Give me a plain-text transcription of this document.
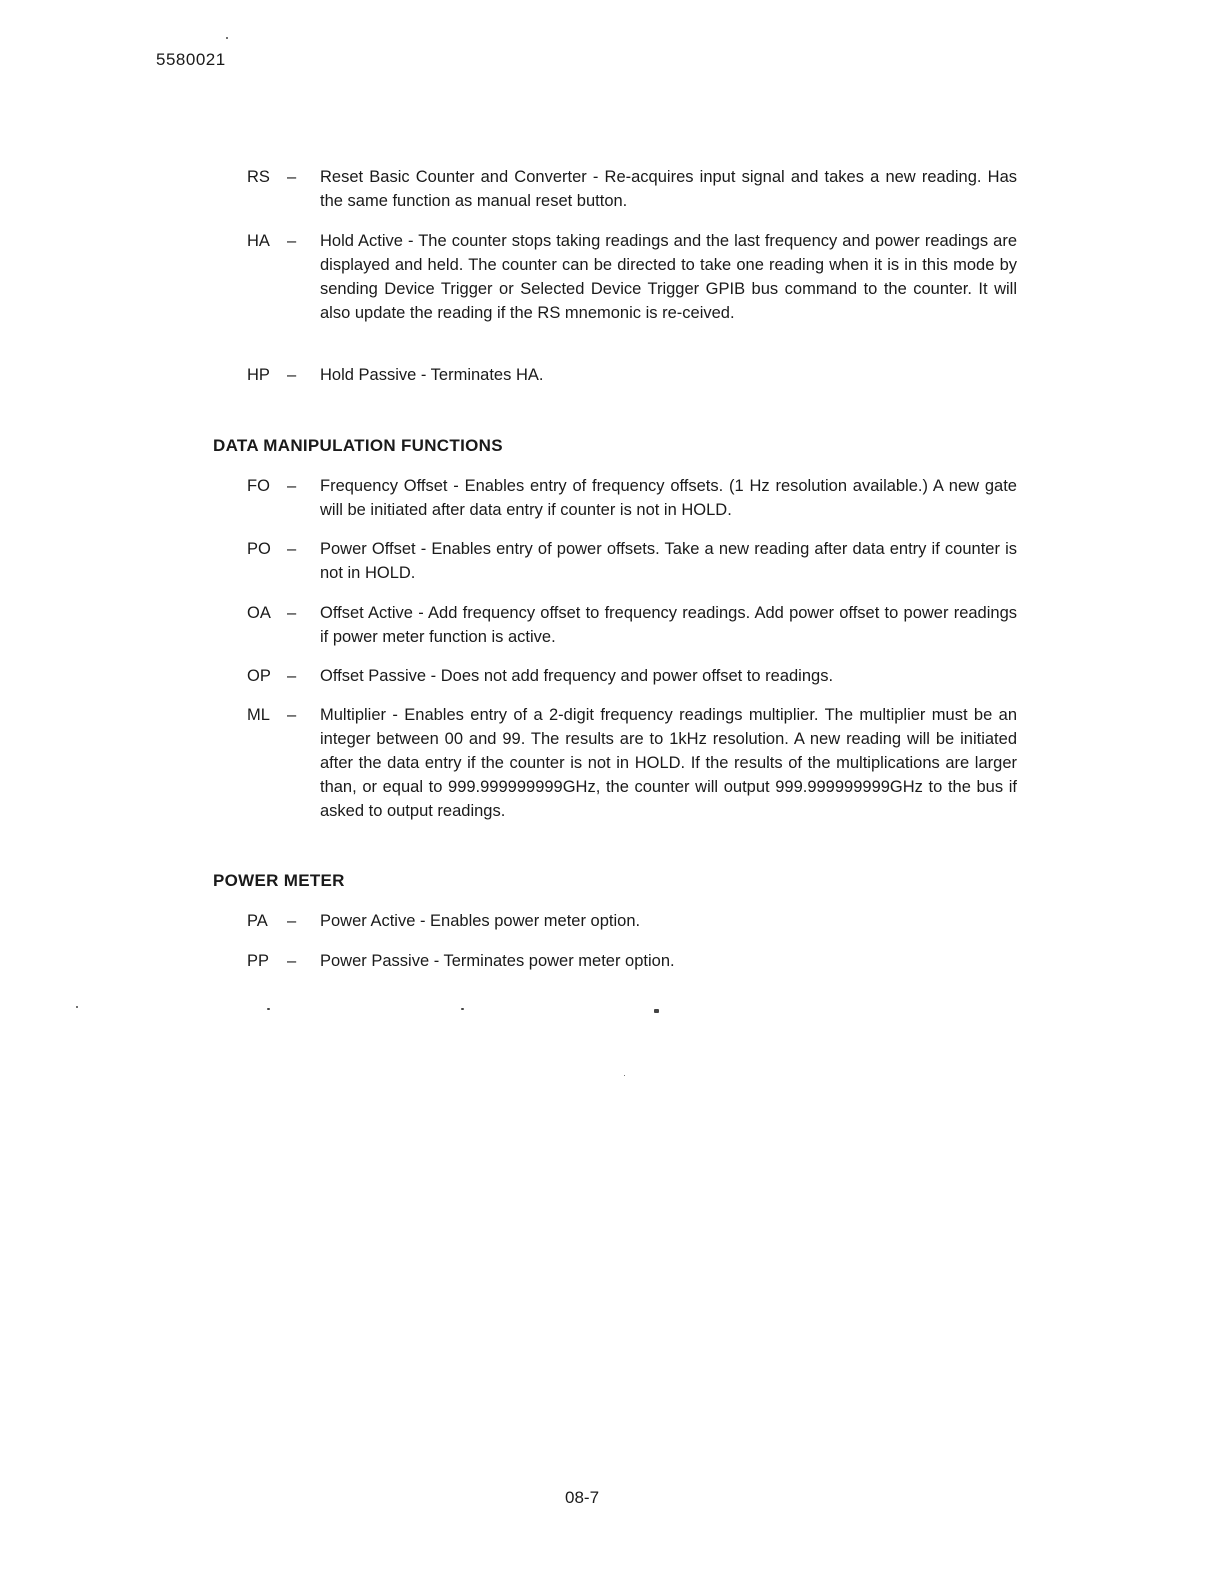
5580021
RS	–	Reset Basic Counter and Converter - Re-acquires input signal and takes a new reading. Has the same function as manual reset button.
HA	–	Hold Active - The counter stops taking readings and the last frequency and power readings are displayed and held. The counter can be directed to take one reading when it is in this mode by sending Device Trigger or Selected Device Trigger GPIB bus command to the counter. It will also update the reading if the RS mnemonic is re-ceived.
HP	–	Hold Passive - Terminates HA.
DATA MANIPULATION FUNCTIONS
FO	–	Frequency Offset - Enables entry of frequency offsets. (1 Hz resolution available.) A new gate will be initiated after data entry if counter is not in HOLD.
PO –	Power Offset - Enables entry of power offsets. Take a new reading after data entry if counter is not in HOLD.
OA –	Offset Active - Add frequency offset to frequency readings. Add power offset to power readings if power meter function is active.
OP –	Offset Passive - Does not add frequency and power offset to readings.
ML	–	Multiplier - Enables entry of a 2-digit frequency readings multiplier. The multiplier must be an integer between 00 and 99. The results are to 1kHz resolution. A new reading will be initiated after the data entry if the counter is not in HOLD. If the results of the multiplications are larger than, or equal to 999.999999999GHz, the counter will output 999.999999999GHz to the bus if asked to output readings.
POWER METER
PA	–	Power Active - Enables power meter option.
PP	–	Power Passive - Terminates power meter option.
08-7
